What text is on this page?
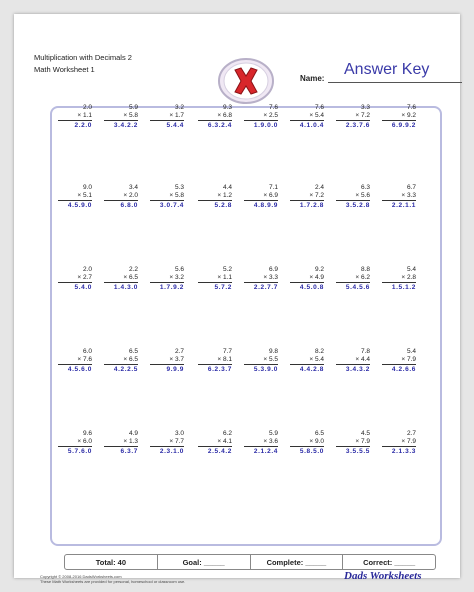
Multiplication with Decimals 2
Math Worksheet 1
Name:
Answer Key
2.0
× 1.1
2.2.0
5.9
× 5.8
3.4.2.2
3.2
× 1.7
5.4.4
9.3
× 6.8
6.3.2.4
7.6
× 2.5
1.9.0.0
7.6
× 5.4
4.1.0.4
3.3
× 7.2
2.3.7.6
7.6
× 9.2
6.9.9.2
9.0
× 5.1
4.5.9.0
3.4
× 2.0
6.8.0
5.3
× 5.8
3.0.7.4
4.4
× 1.2
5.2.8
7.1
× 6.9
4.8.9.9
2.4
× 7.2
1.7.2.8
6.3
× 5.6
3.5.2.8
6.7
× 3.3
2.2.1.1
2.0
× 2.7
5.4.0
2.2
× 6.5
1.4.3.0
5.6
× 3.2
1.7.9.2
5.2
× 1.1
5.7.2
6.9
× 3.3
2.2.7.7
9.2
× 4.9
4.5.0.8
8.8
× 6.2
5.4.5.6
5.4
× 2.8
1.5.1.2
6.0
× 7.6
4.5.6.0
6.5
× 6.5
4.2.2.5
2.7
× 3.7
9.9.9
7.7
× 8.1
6.2.3.7
9.8
× 5.5
5.3.9.0
8.2
× 5.4
4.4.2.8
7.8
× 4.4
3.4.3.2
5.4
× 7.9
4.2.6.6
9.6
× 6.0
5.7.6.0
4.9
× 1.3
6.3.7
3.0
× 7.7
2.3.1.0
6.2
× 4.1
2.5.4.2
5.9
× 3.6
2.1.2.4
6.5
× 9.0
5.8.5.0
4.5
× 7.9
3.5.5.5
2.7
× 7.9
2.1.3.3
Total: 40	Goal: _____	Complete: _____	Correct: _____
Copyright © 2008-2016 DadsWorksheets.com
These Math Worksheets are provided for personal, homeschool or classroom use.	Dads Worksheets
